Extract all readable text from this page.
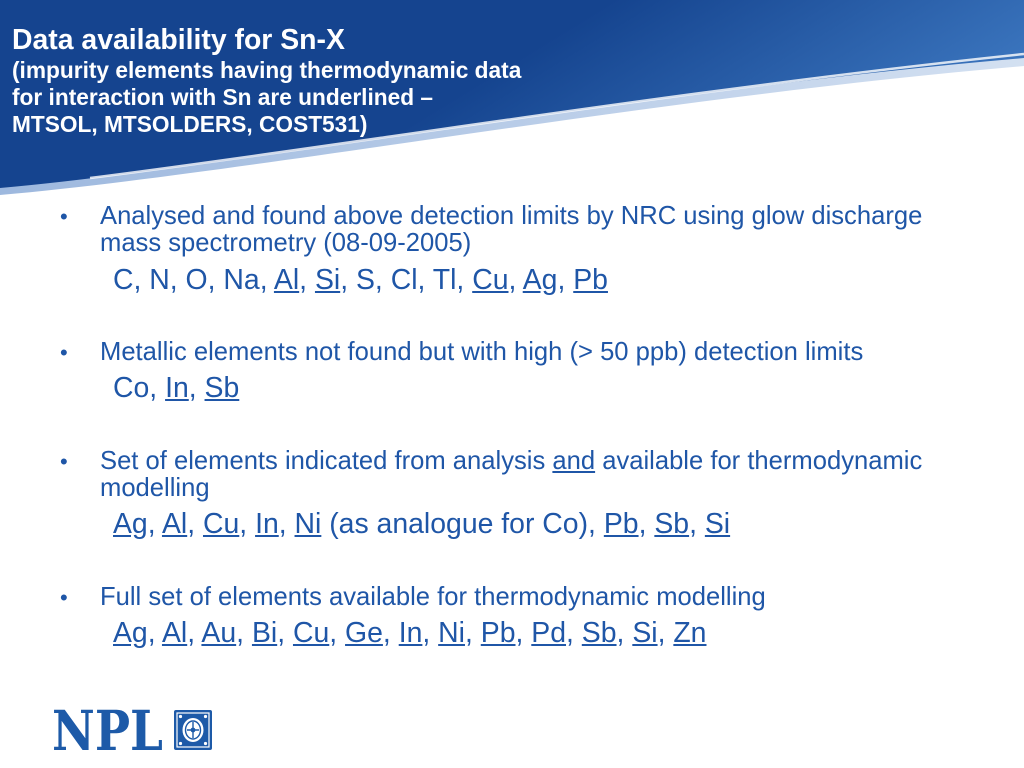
Data availability for Sn-X
(impurity elements having thermodynamic data
for interaction with Sn are underlined –
MTSOL, MTSOLDERS, COST531)
• Analysed and found above detection limits by NRC using glow discharge mass spectrometry (08-09-2005)
C, N, O, Na, Al, Si, S, Cl, Tl, Cu, Ag, Pb
• Metallic elements not found but with high (> 50 ppb) detection limits
Co, In, Sb
• Set of elements indicated from analysis and available for thermodynamic modelling
Ag, Al, Cu, In, Ni (as analogue for Co), Pb, Sb, Si
• Full set of elements available for thermodynamic modelling
Ag, Al, Au, Bi, Cu, Ge, In, Ni, Pb, Pd, Sb, Si, Zn
NPL
